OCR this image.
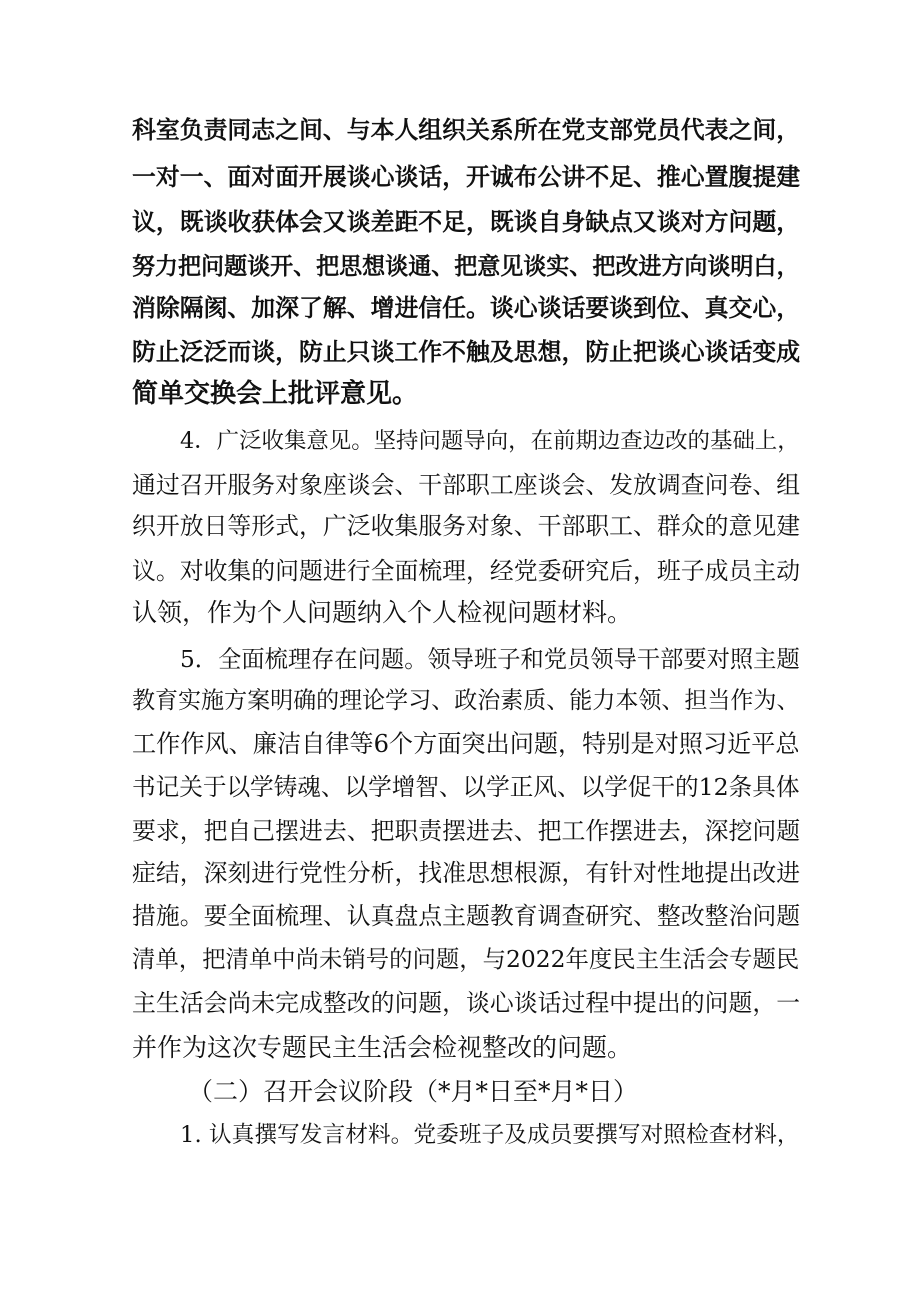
科室负责同志之间、与本人组织关系所在党支部党员代表之间，
一对一、面对面开展谈心谈话，开诚布公讲不足、推心置腹提建
议，既谈收获体会又谈差距不足，既谈自身缺点又谈对方问题，
努力把问题谈开、把思想谈通、把意见谈实、把改进方向谈明白，
消除隔阂、加深了解、增进信任。谈心谈话要谈到位、真交心，
防止泛泛而谈，防止只谈工作不触及思想，防止把谈心谈话变成
简单交换会上批评意见。
4．广泛收集意见。坚持问题导向，在前期边查边改的基础上，
通过召开服务对象座谈会、干部职工座谈会、发放调查问卷、组
织开放日等形式，广泛收集服务对象、干部职工、群众的意见建
议。对收集的问题进行全面梳理，经党委研究后，班子成员主动
认领，作为个人问题纳入个人检视问题材料。
5．全面梳理存在问题。领导班子和党员领导干部要对照主题
教育实施方案明确的理论学习、政治素质、能力本领、担当作为、
工作作风、廉洁自律等6个方面突出问题，特别是对照习近平总
书记关于以学铸魂、以学增智、以学正风、以学促干的12条具体
要求，把自己摆进去、把职责摆进去、把工作摆进去，深挖问题
症结，深刻进行党性分析，找准思想根源，有针对性地提出改进
措施。要全面梳理、认真盘点主题教育调查研究、整改整治问题
清单，把清单中尚未销号的问题，与2022年度民主生活会专题民
主生活会尚未完成整改的问题，谈心谈话过程中提出的问题，一
并作为这次专题民主生活会检视整改的问题。
（二）召开会议阶段（*月*日至*月*日）
1. 认真撰写发言材料。党委班子及成员要撰写对照检查材料，
